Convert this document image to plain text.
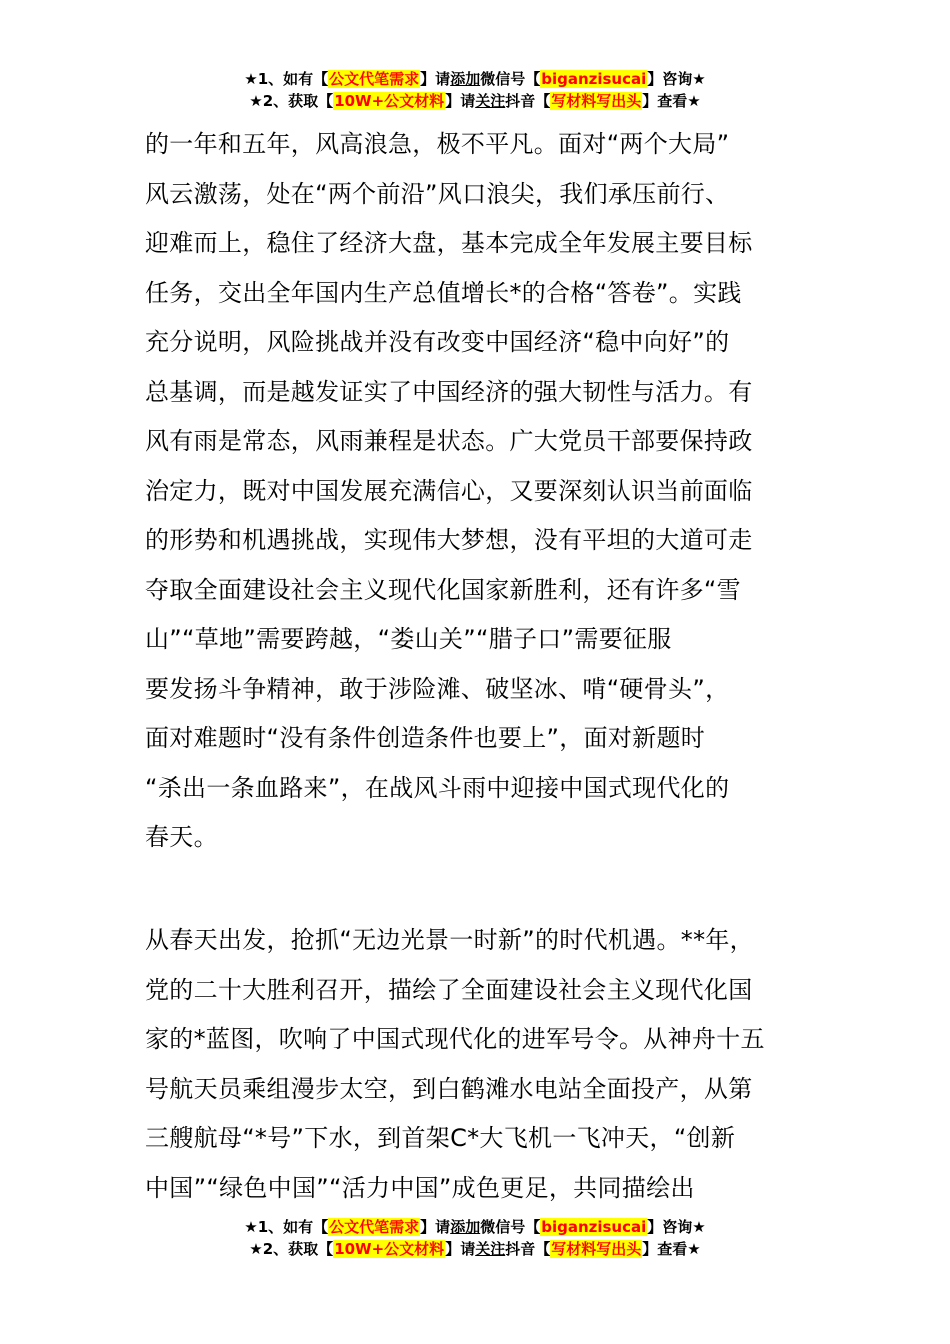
★1、如有【公文代笔需求】请添加微信号【biganzisucai】咨询★
★2、获取【10W+公文材料】请关注抖音【写材料写出头】查看★
的一年和五年，风高浪急，极不平凡。面对“两个大局”
风云激荡，处在“两个前沿”风口浪尖，我们承压前行、
迎难而上，稳住了经济大盘，基本完成全年发展主要目标
任务，交出全年国内生产总值增长*的合格“答卷”。实践
充分说明，风险挑战并没有改变中国经济“稳中向好”的
总基调，而是越发证实了中国经济的强大韧性与活力。有
风有雨是常态，风雨兼程是状态。广大党员干部要保持政
治定力，既对中国发展充满信心，又要深刻认识当前面临
的形势和机遇挑战，实现伟大梦想，没有平坦的大道可走
夺取全面建设社会主义现代化国家新胜利，还有许多“雪
山”“草地”需要跨越，“娄山关”“腊子口”需要征服
要发扬斗争精神，敢于涉险滩、破坚冰、啃“硬骨头”，
面对难题时“没有条件创造条件也要上”，面对新题时
“杀出一条血路来”，在战风斗雨中迎接中国式现代化的
春天。
从春天出发，抢抓“无边光景一时新”的时代机遇。**年，
党的二十大胜利召开，描绘了全面建设社会主义现代化国
家的*蓝图，吹响了中国式现代化的进军号令。从神舟十五
号航天员乘组漫步太空，到白鹤滩水电站全面投产，从第
三艘航母“*号”下水，到首架C*大飞机一飞冲天，“创新
中国”“绿色中国”“活力中国”成色更足，共同描绘出
★1、如有【公文代笔需求】请添加微信号【biganzisucai】咨询★
★2、获取【10W+公文材料】请关注抖音【写材料写出头】查看★
